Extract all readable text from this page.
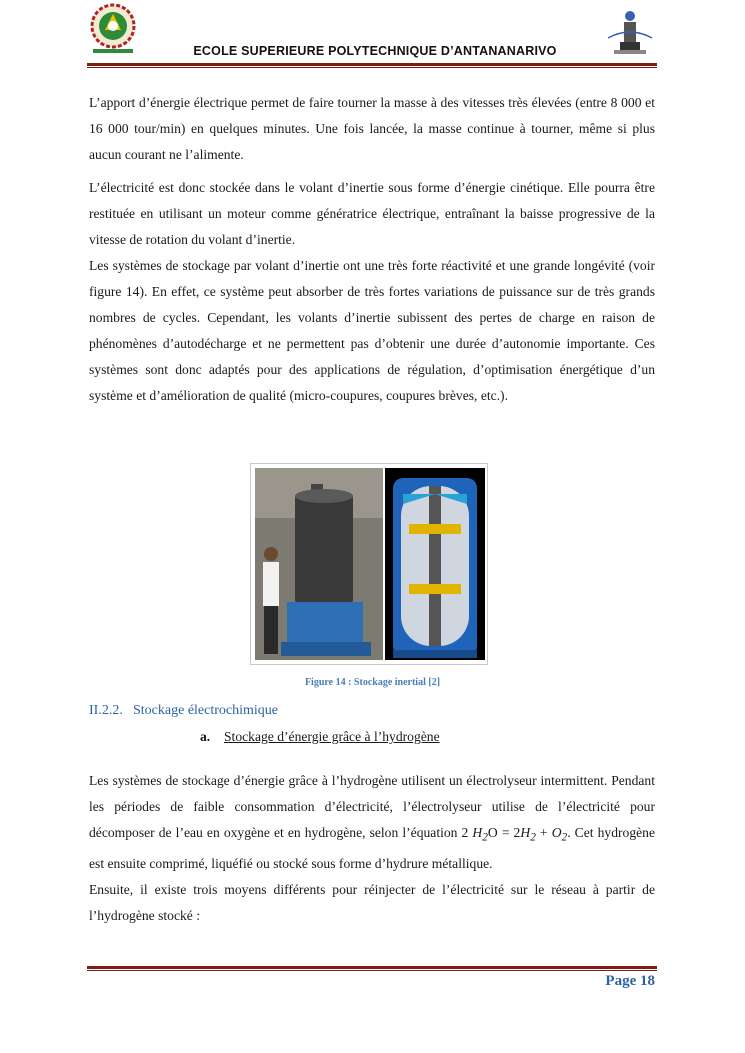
ECOLE SUPERIEURE POLYTECHNIQUE D’ANTANANARIVO

L’apport d’énergie électrique permet de faire tourner la masse à des vitesses très élevées (entre 8 000 et 16 000 tour/min) en quelques minutes. Une fois lancée, la masse continue à tourner, même si plus aucun courant ne l’alimente.

L’électricité est donc stockée dans le volant d’inertie sous forme d’énergie cinétique. Elle pourra être restituée en utilisant un moteur comme génératrice électrique, entraînant la baisse progressive de la vitesse de rotation du volant d’inertie.

Les systèmes de stockage par volant d’inertie ont une très forte réactivité et une grande longévité (voir figure 14). En effet, ce système peut absorber de très fortes variations de puissance sur de très grands nombres de cycles. Cependant, les volants d’inertie subissent des pertes de charge en raison de phénomènes d’autodécharge et ne permettent pas d’obtenir une durée d’autonomie importante. Ces systèmes sont donc adaptés pour des applications de régulation, d’optimisation énergétique d’un système et d’amélioration de qualité (micro-coupures, coupures brèves, etc.).

Figure 14 : Stockage inertial [2]
II.2.2. Stockage électrochimique
a. Stockage d’énergie grâce à l’hydrogène

Les systèmes de stockage d’énergie grâce à l’hydrogène utilisent un électrolyseur intermittent. Pendant les périodes de faible consommation d’électricité, l’électrolyseur utilise de l’électricité pour décomposer de l’eau en oxygène et en hydrogène, selon l’équation 2 $H_2O = 2H_2 + O_2$. Cet hydrogène est ensuite comprimé, liquéfié ou stocké sous forme d’hydrure métallique.

Ensuite, il existe trois moyens différents pour réinjecter de l’électricité sur le réseau à partir de l’hydrogène stocké :

Page 18
